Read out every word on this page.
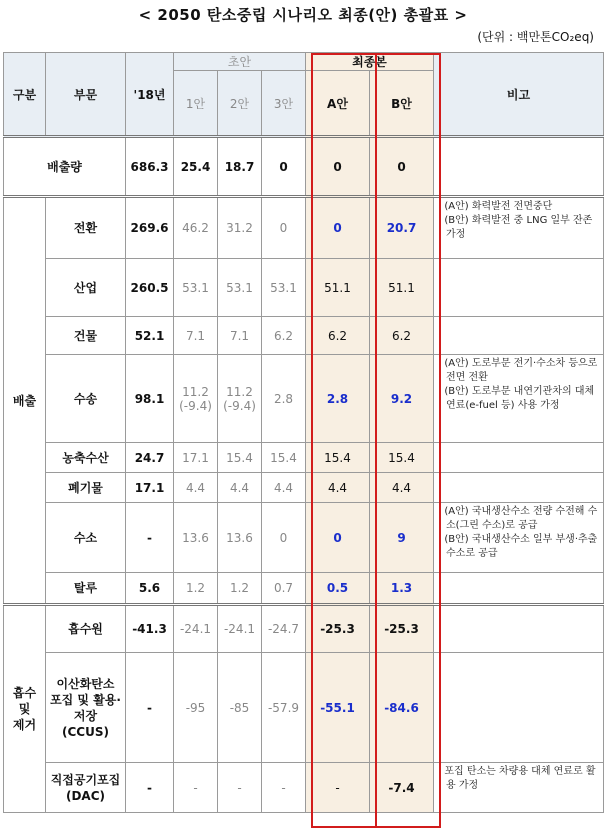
< 2050 탄소중립 시나리오 최종(안) 총괄표 >
(단위 : 백만톤CO₂eq)
구분	부문	'18년	초안			최종본		비고
			1안	2안	3안	A안	B안	
배출량		686.3	25.4	18.7	0	0	0	
배출	전환	269.6	46.2	31.2	0	0	20.7	· (A안) 화력발전 전면중단
· (B안) 화력발전 중 LNG 일부 잔존 가정

	산업	260.5	53.1	53.1	53.1	51.1	51.1	
	건물	52.1	7.1	7.1	6.2	6.2	6.2	
	수송	98.1	11.2 (-9.4)	11.2 (-9.4)	2.8	2.8	9.2	· (A안) 도로부문 전기·수소차 등으로 전면 전환
· (B안) 도로부문 내연기관차의 대체연료(e-fuel 등) 사용 가정

	농축수산	24.7	17.1	15.4	15.4	15.4	15.4	
	폐기물	17.1	4.4	4.4	4.4	4.4	4.4	
	수소	-	13.6	13.6	0	0	9	· (A안) 국내생산수소 전량 수전해 수소(그린 수소)로 공급
· (B안) 국내생산수소 일부 부생·추출 수소로 공급

	탈루	5.6	1.2	1.2	0.7	0.5	1.3	
흡수
및
제거	흡수원	-41.3	-24.1	-24.1	-24.7	-25.3	-25.3	
	이산화탄소 포집 및 활용·저장 (CCUS)	-	-95	-85	-57.9	-55.1	-84.6	
	직접공기포집 (DAC)	-	-	-	-	-	-7.4	· 포집 탄소는 차량용 대체 연료로 활용 가정
